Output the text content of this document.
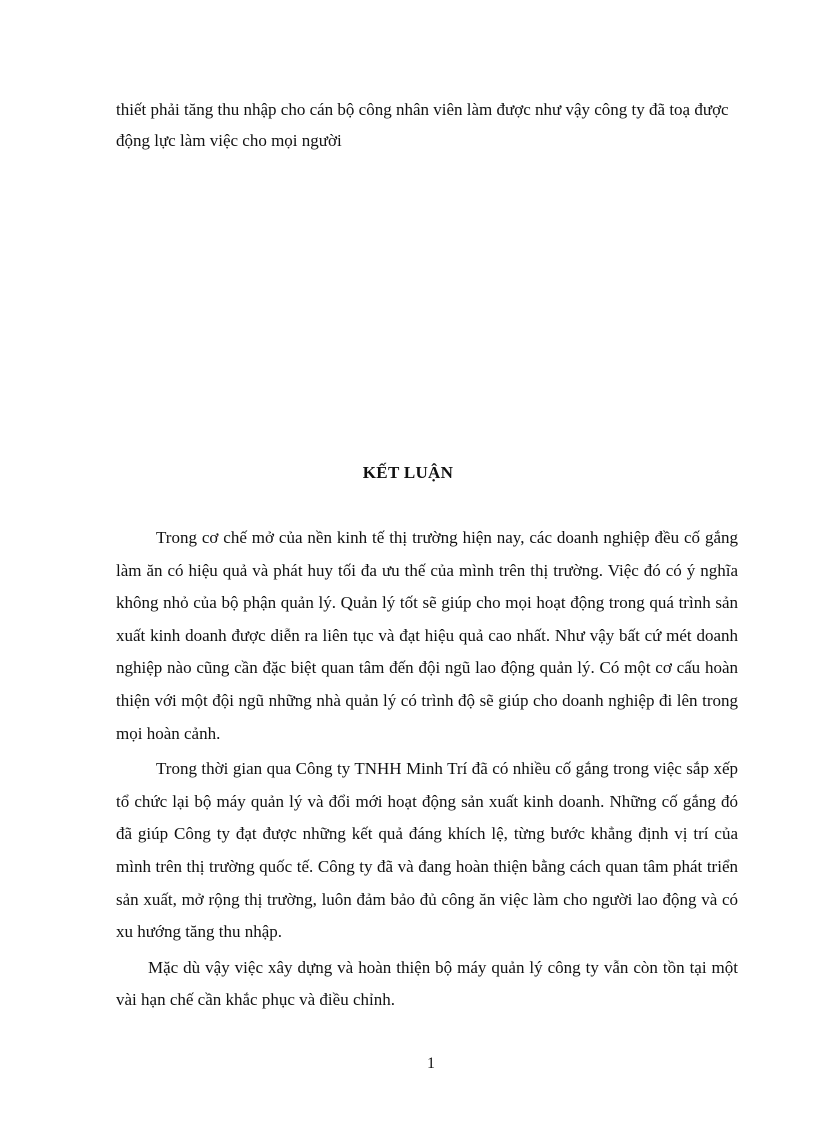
thiết phải tăng thu nhập cho cán bộ công nhân viên làm được như vậy công ty đã toạ được động lực làm việc cho mọi người

KẾT LUẬN

Trong cơ chế mở của nền kinh tế thị trường hiện nay, các doanh nghiệp đều cố gắng làm ăn có hiệu quả và phát huy tối đa ưu thế của mình trên thị trường. Việc đó có ý nghĩa không nhỏ của bộ phận quản lý. Quản lý tốt sẽ giúp cho mọi hoạt động trong quá trình sản xuất kinh doanh được diễn ra liên tục và đạt hiệu quả cao nhất. Như vậy bất cứ mét doanh nghiệp nào cũng cần đặc biệt quan tâm đến đội ngũ lao động quản lý. Có một cơ cấu hoàn thiện với một đội ngũ những nhà quản lý có trình độ sẽ giúp cho doanh nghiệp đi lên trong mọi hoàn cảnh.

Trong thời gian qua Công ty TNHH Minh Trí đã có nhiều cố gắng trong việc sắp xếp tổ chức lại bộ máy quản lý và đổi mới hoạt động sản xuất kinh doanh. Những cố gắng đó đã giúp Công ty đạt được những kết quả đáng khích lệ, từng bước khẳng định vị trí của mình trên thị trường quốc tế. Công ty đã và đang hoàn thiện bằng cách quan tâm phát triển sản xuất, mở rộng thị trường, luôn đảm bảo đủ công ăn việc làm cho người lao động và có xu hướng tăng thu nhập.

Mặc dù vậy việc xây dựng và hoàn thiện bộ máy quản lý công ty vẫn còn tồn tại một vài hạn chế cần khắc phục và điều chỉnh.

1
